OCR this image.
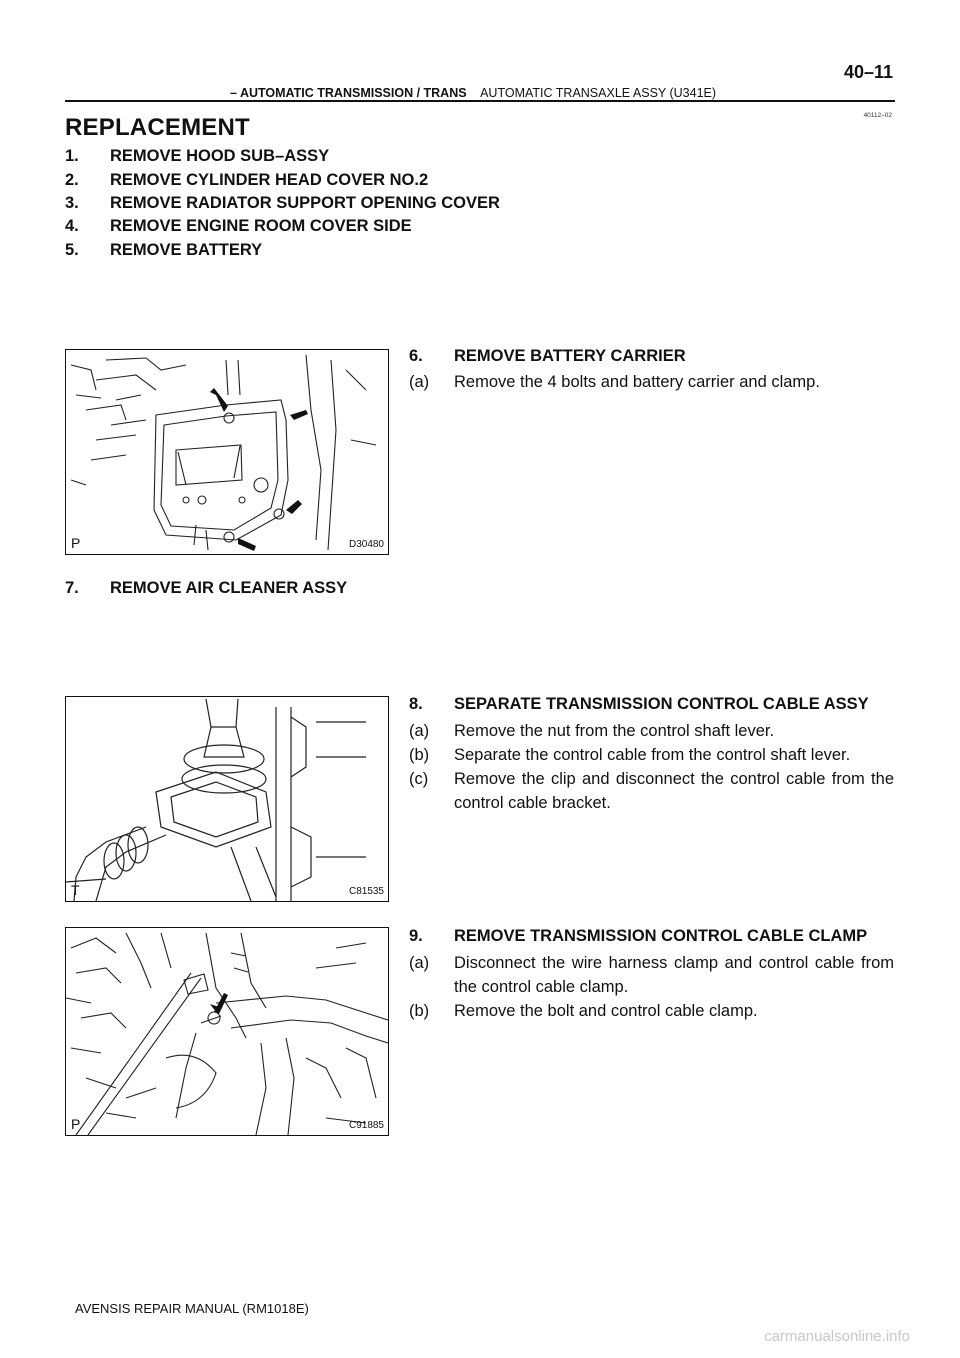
– AUTOMATIC TRANSMISSION / TRANS AUTOMATIC TRANSAXLE ASSY (U341E)
40–11
40112–02
REPLACEMENT
1. REMOVE HOOD SUB–ASSY
2. REMOVE CYLINDER HEAD COVER NO.2
3. REMOVE RADIATOR SUPPORT OPENING COVER
4. REMOVE ENGINE ROOM COVER SIDE
5. REMOVE BATTERY
P	D30480
6. REMOVE BATTERY CARRIER
(a) Remove the 4 bolts and battery carrier and clamp.
7. REMOVE AIR CLEANER ASSY
T	C81535
8. SEPARATE TRANSMISSION CONTROL CABLE ASSY
(a) Remove the nut from the control shaft lever.
(b) Separate the control cable from the control shaft lever.
(c) Remove the clip and disconnect the control cable from the control cable bracket.
P	C91885
9. REMOVE TRANSMISSION CONTROL CABLE CLAMP
(a) Disconnect the wire harness clamp and control cable from the control cable clamp.
(b) Remove the bolt and control cable clamp.
AVENSIS REPAIR MANUAL (RM1018E)
carmanualsonline.info
